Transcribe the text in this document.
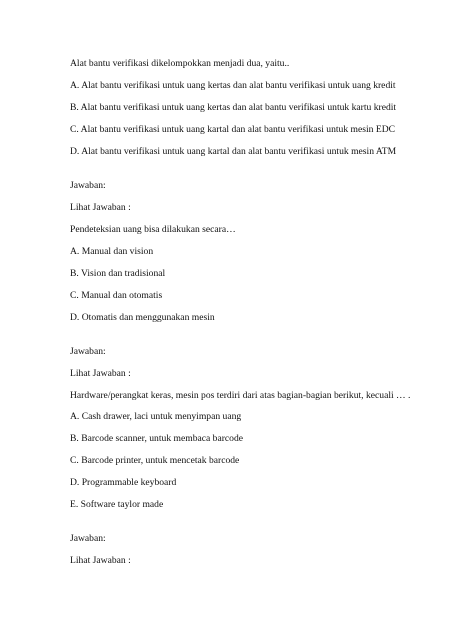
Alat bantu verifikasi dikelompokkan menjadi dua, yaitu..
A. Alat bantu verifikasi untuk uang kertas dan alat bantu verifikasi untuk uang kredit
B. Alat bantu verifikasi untuk uang kertas dan alat bantu verifikasi untuk kartu kredit
C. Alat bantu verifikasi untuk uang kartal dan alat bantu verifikasi untuk mesin EDC
D. Alat bantu verifikasi untuk uang kartal dan alat bantu verifikasi untuk mesin ATM
Jawaban:
Lihat Jawaban :
Pendeteksian uang bisa dilakukan secara…
A. Manual dan vision
B. Vision dan tradisional
C. Manual dan otomatis
D. Otomatis dan menggunakan mesin
Jawaban:
Lihat Jawaban :
Hardware/perangkat keras, mesin pos terdiri dari atas bagian-bagian berikut, kecuali … .
A. Cash drawer, laci untuk menyimpan uang
B. Barcode scanner, untuk membaca barcode
C. Barcode printer, untuk mencetak barcode
D. Programmable keyboard
E. Software taylor made
Jawaban:
Lihat Jawaban :
